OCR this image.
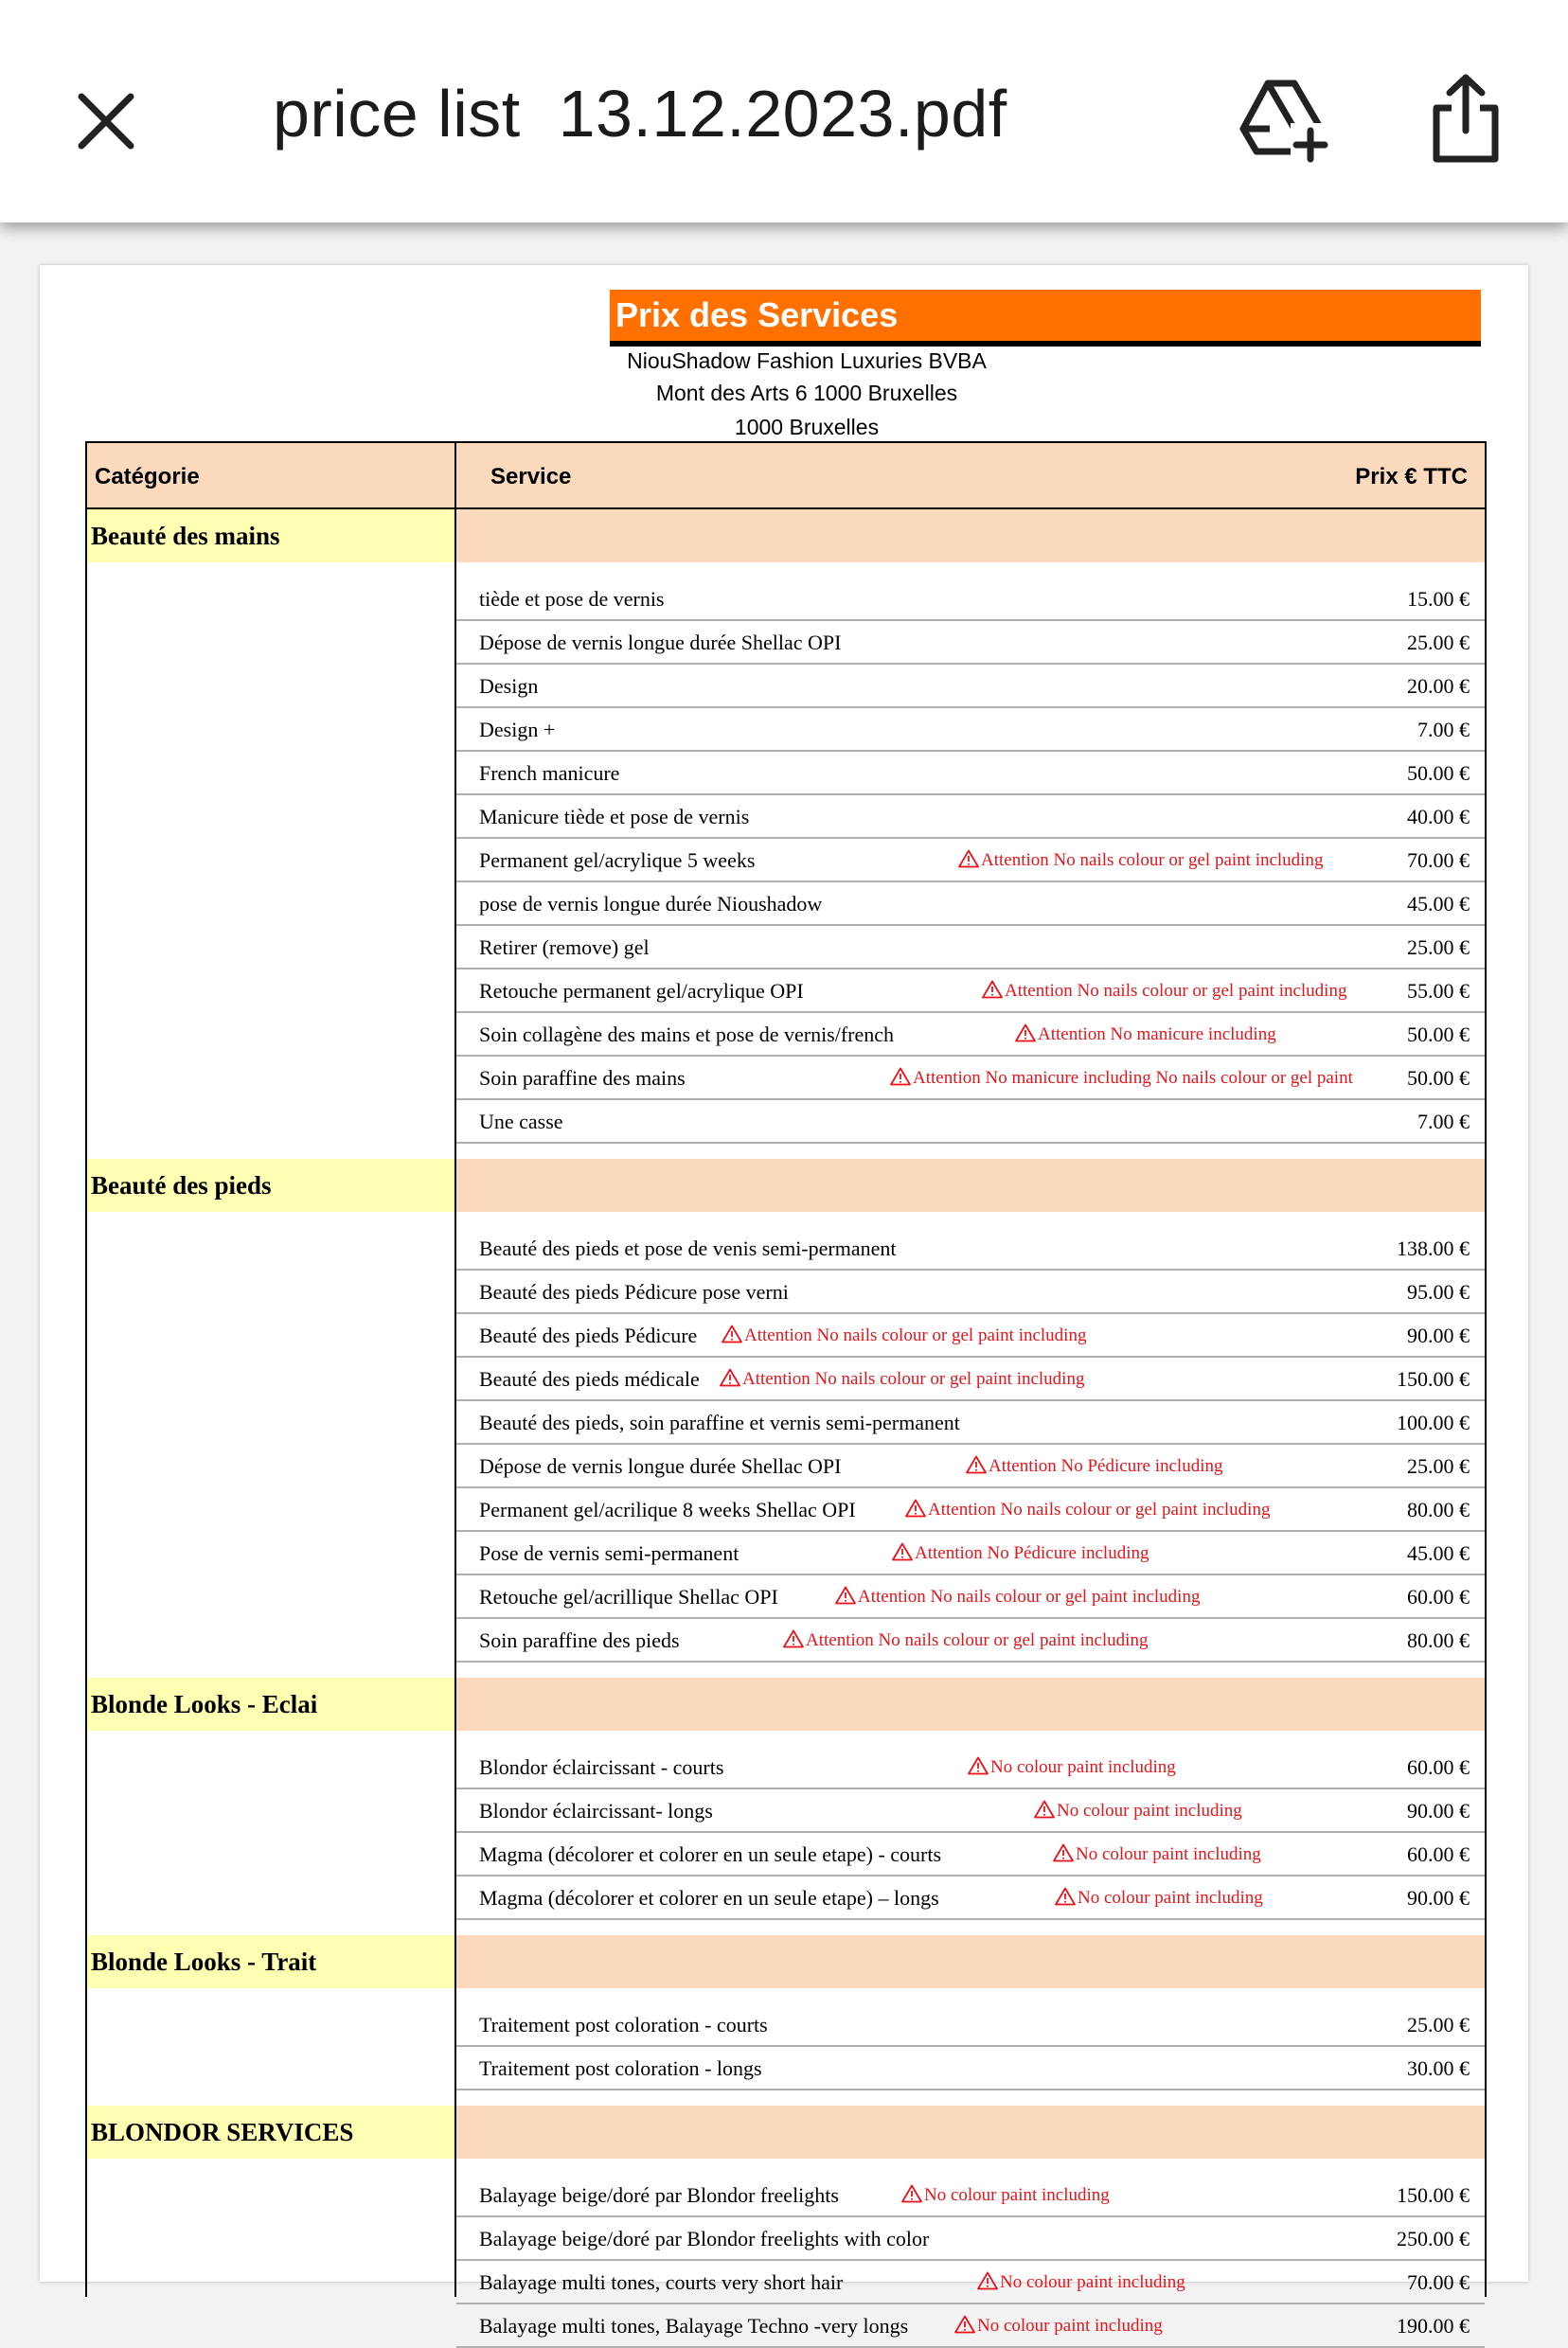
price list  13.12.2023.pdf
Prix des Services
NiouShadow Fashion Luxuries BVBA
Mont des Arts 6 1000 Bruxelles
1000 Bruxelles
Catégorie	Service	Prix € TTC
Beauté des mains
tiède et pose de vernis	15.00 €
Dépose de vernis longue durée Shellac OPI	25.00 €
Design	20.00 €
Design +	7.00 €
French manicure	50.00 €
Manicure tiède et pose de vernis	40.00 €
Permanent gel/acrylique 5 weeks	Attention No nails colour or gel paint including	70.00 €
pose de vernis longue durée Nioushadow	45.00 €
Retirer (remove) gel	25.00 €
Retouche permanent gel/acrylique OPI	Attention No nails colour or gel paint including	55.00 €
Soin collagène des mains et pose de vernis/french	Attention No manicure including	50.00 €
Soin paraffine des mains	Attention No manicure including No nails colour or gel paint	50.00 €
Une casse	7.00 €
Beauté des pieds
Beauté des pieds et pose de venis semi-permanent	138.00 €
Beauté des pieds Pédicure pose verni	95.00 €
Beauté des pieds Pédicure	Attention No nails colour or gel paint including	90.00 €
Beauté des pieds médicale	Attention No nails colour or gel paint including	150.00 €
Beauté des pieds, soin paraffine et vernis semi-permanent	100.00 €
Dépose de vernis longue durée Shellac OPI	Attention No Pédicure including	25.00 €
Permanent gel/acrilique 8 weeks Shellac OPI	Attention No nails colour or gel paint including	80.00 €
Pose de vernis semi-permanent	Attention No Pédicure including	45.00 €
Retouche gel/acrillique Shellac OPI	Attention No nails colour or gel paint including	60.00 €
Soin paraffine des pieds	Attention No nails colour or gel paint including	80.00 €
Blonde Looks - Eclai
Blondor éclaircissant - courts	No colour paint including	60.00 €
Blondor éclaircissant- longs	No colour paint including	90.00 €
Magma (décolorer et colorer en un seule etape) - courts	No colour paint including	60.00 €
Magma (décolorer et colorer en un seule etape) – longs	No colour paint including	90.00 €
Blonde Looks - Trait
Traitement post coloration - courts	25.00 €
Traitement post coloration - longs	30.00 €
BLONDOR SERVICES
Balayage beige/doré par Blondor freelights	No colour paint including	150.00 €
Balayage beige/doré par Blondor freelights with color	250.00 €
Balayage multi tones, courts very short hair	No colour paint including	70.00 €
Balayage multi tones, Balayage Techno -very longs	No colour paint including	190.00 €
